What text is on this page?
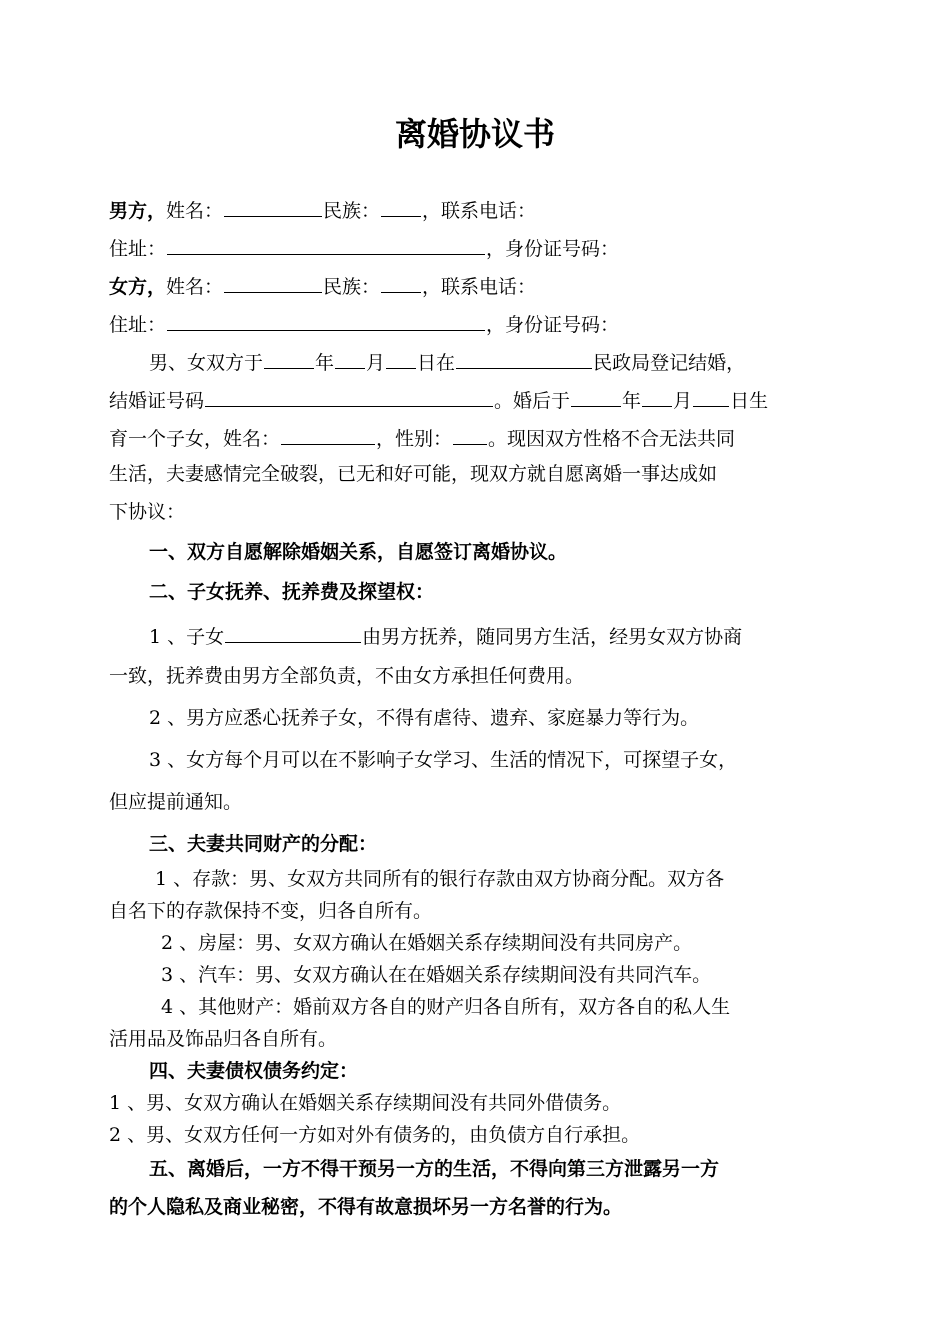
离婚协议书
男方，姓名：	民族： ，联系电话：
住址：	，身份证号码：
女方，姓名：	民族： ，联系电话：
住址：	，身份证号码：
男、女双方于	年 月 日在	民政局登记结婚，
结婚证号码	。婚后于	年 月 日生
育一个子女，姓名：	，性别： 。现因双方性格不合无法共同
生活，夫妻感情完全破裂，已无和好可能，现双方就自愿离婚一事达成如
下协议：
一、双方自愿解除婚姻关系，自愿签订离婚协议。
二、子女抚养、抚养费及探望权：
1 、子女	由男方抚养，随同男方生活，经男女双方协商
一致，抚养费由男方全部负责，不由女方承担任何费用。
2 、男方应悉心抚养子女，不得有虐待、遗弃、家庭暴力等行为。
3 、女方每个月可以在不影响子女学习、生活的情况下，可探望子女，
但应提前通知。
三、夫妻共同财产的分配：
1 、存款：男、女双方共同所有的银行存款由双方协商分配。双方各
自名下的存款保持不变，归各自所有。
2 、房屋：男、女双方确认在婚姻关系存续期间没有共同房产。
3 、汽车：男、女双方确认在在婚姻关系存续期间没有共同汽车。
4 、其他财产：婚前双方各自的财产归各自所有，双方各自的私人生
活用品及饰品归各自所有。
四、夫妻债权债务约定：
1 、男、女双方确认在婚姻关系存续期间没有共同外借债务。
2 、男、女双方任何一方如对外有债务的，由负债方自行承担。
五、离婚后，一方不得干预另一方的生活，不得向第三方泄露另一方
的个人隐私及商业秘密，不得有故意损坏另一方名誉的行为。
